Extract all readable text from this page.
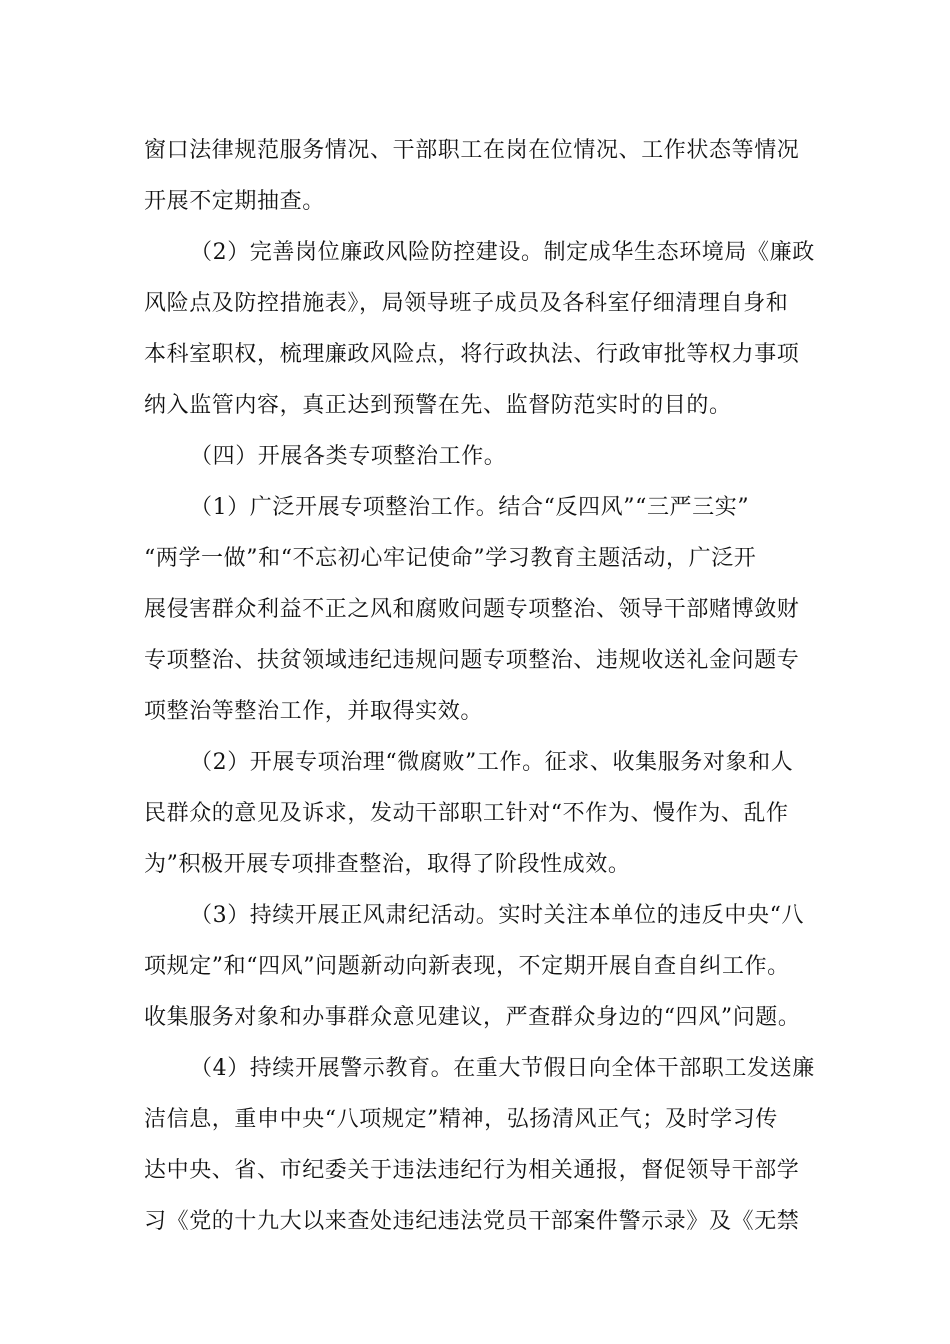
窗口法律规范服务情况、干部职工在岗在位情况、工作状态等情况
开展不定期抽查。
（2）完善岗位廉政风险防控建设。制定成华生态环境局《廉政
风险点及防控措施表》，局领导班子成员及各科室仔细清理自身和
本科室职权，梳理廉政风险点，将行政执法、行政审批等权力事项
纳入监管内容，真正达到预警在先、监督防范实时的目的。
（四）开展各类专项整治工作。
（1）广泛开展专项整治工作。结合“反四风”“三严三实”
“两学一做”和“不忘初心牢记使命”学习教育主题活动，广泛开
展侵害群众利益不正之风和腐败问题专项整治、领导干部赌博敛财
专项整治、扶贫领域违纪违规问题专项整治、违规收送礼金问题专
项整治等整治工作，并取得实效。
（2）开展专项治理“微腐败”工作。征求、收集服务对象和人
民群众的意见及诉求，发动干部职工针对“不作为、慢作为、乱作
为”积极开展专项排查整治，取得了阶段性成效。
（3）持续开展正风肃纪活动。实时关注本单位的违反中央“八
项规定”和“四风”问题新动向新表现，不定期开展自查自纠工作。
收集服务对象和办事群众意见建议，严查群众身边的“四风”问题。
（4）持续开展警示教育。在重大节假日向全体干部职工发送廉
洁信息，重申中央“八项规定”精神，弘扬清风正气；及时学习传
达中央、省、市纪委关于违法违纪行为相关通报，督促领导干部学
习《党的十九大以来查处违纪违法党员干部案件警示录》及《无禁
